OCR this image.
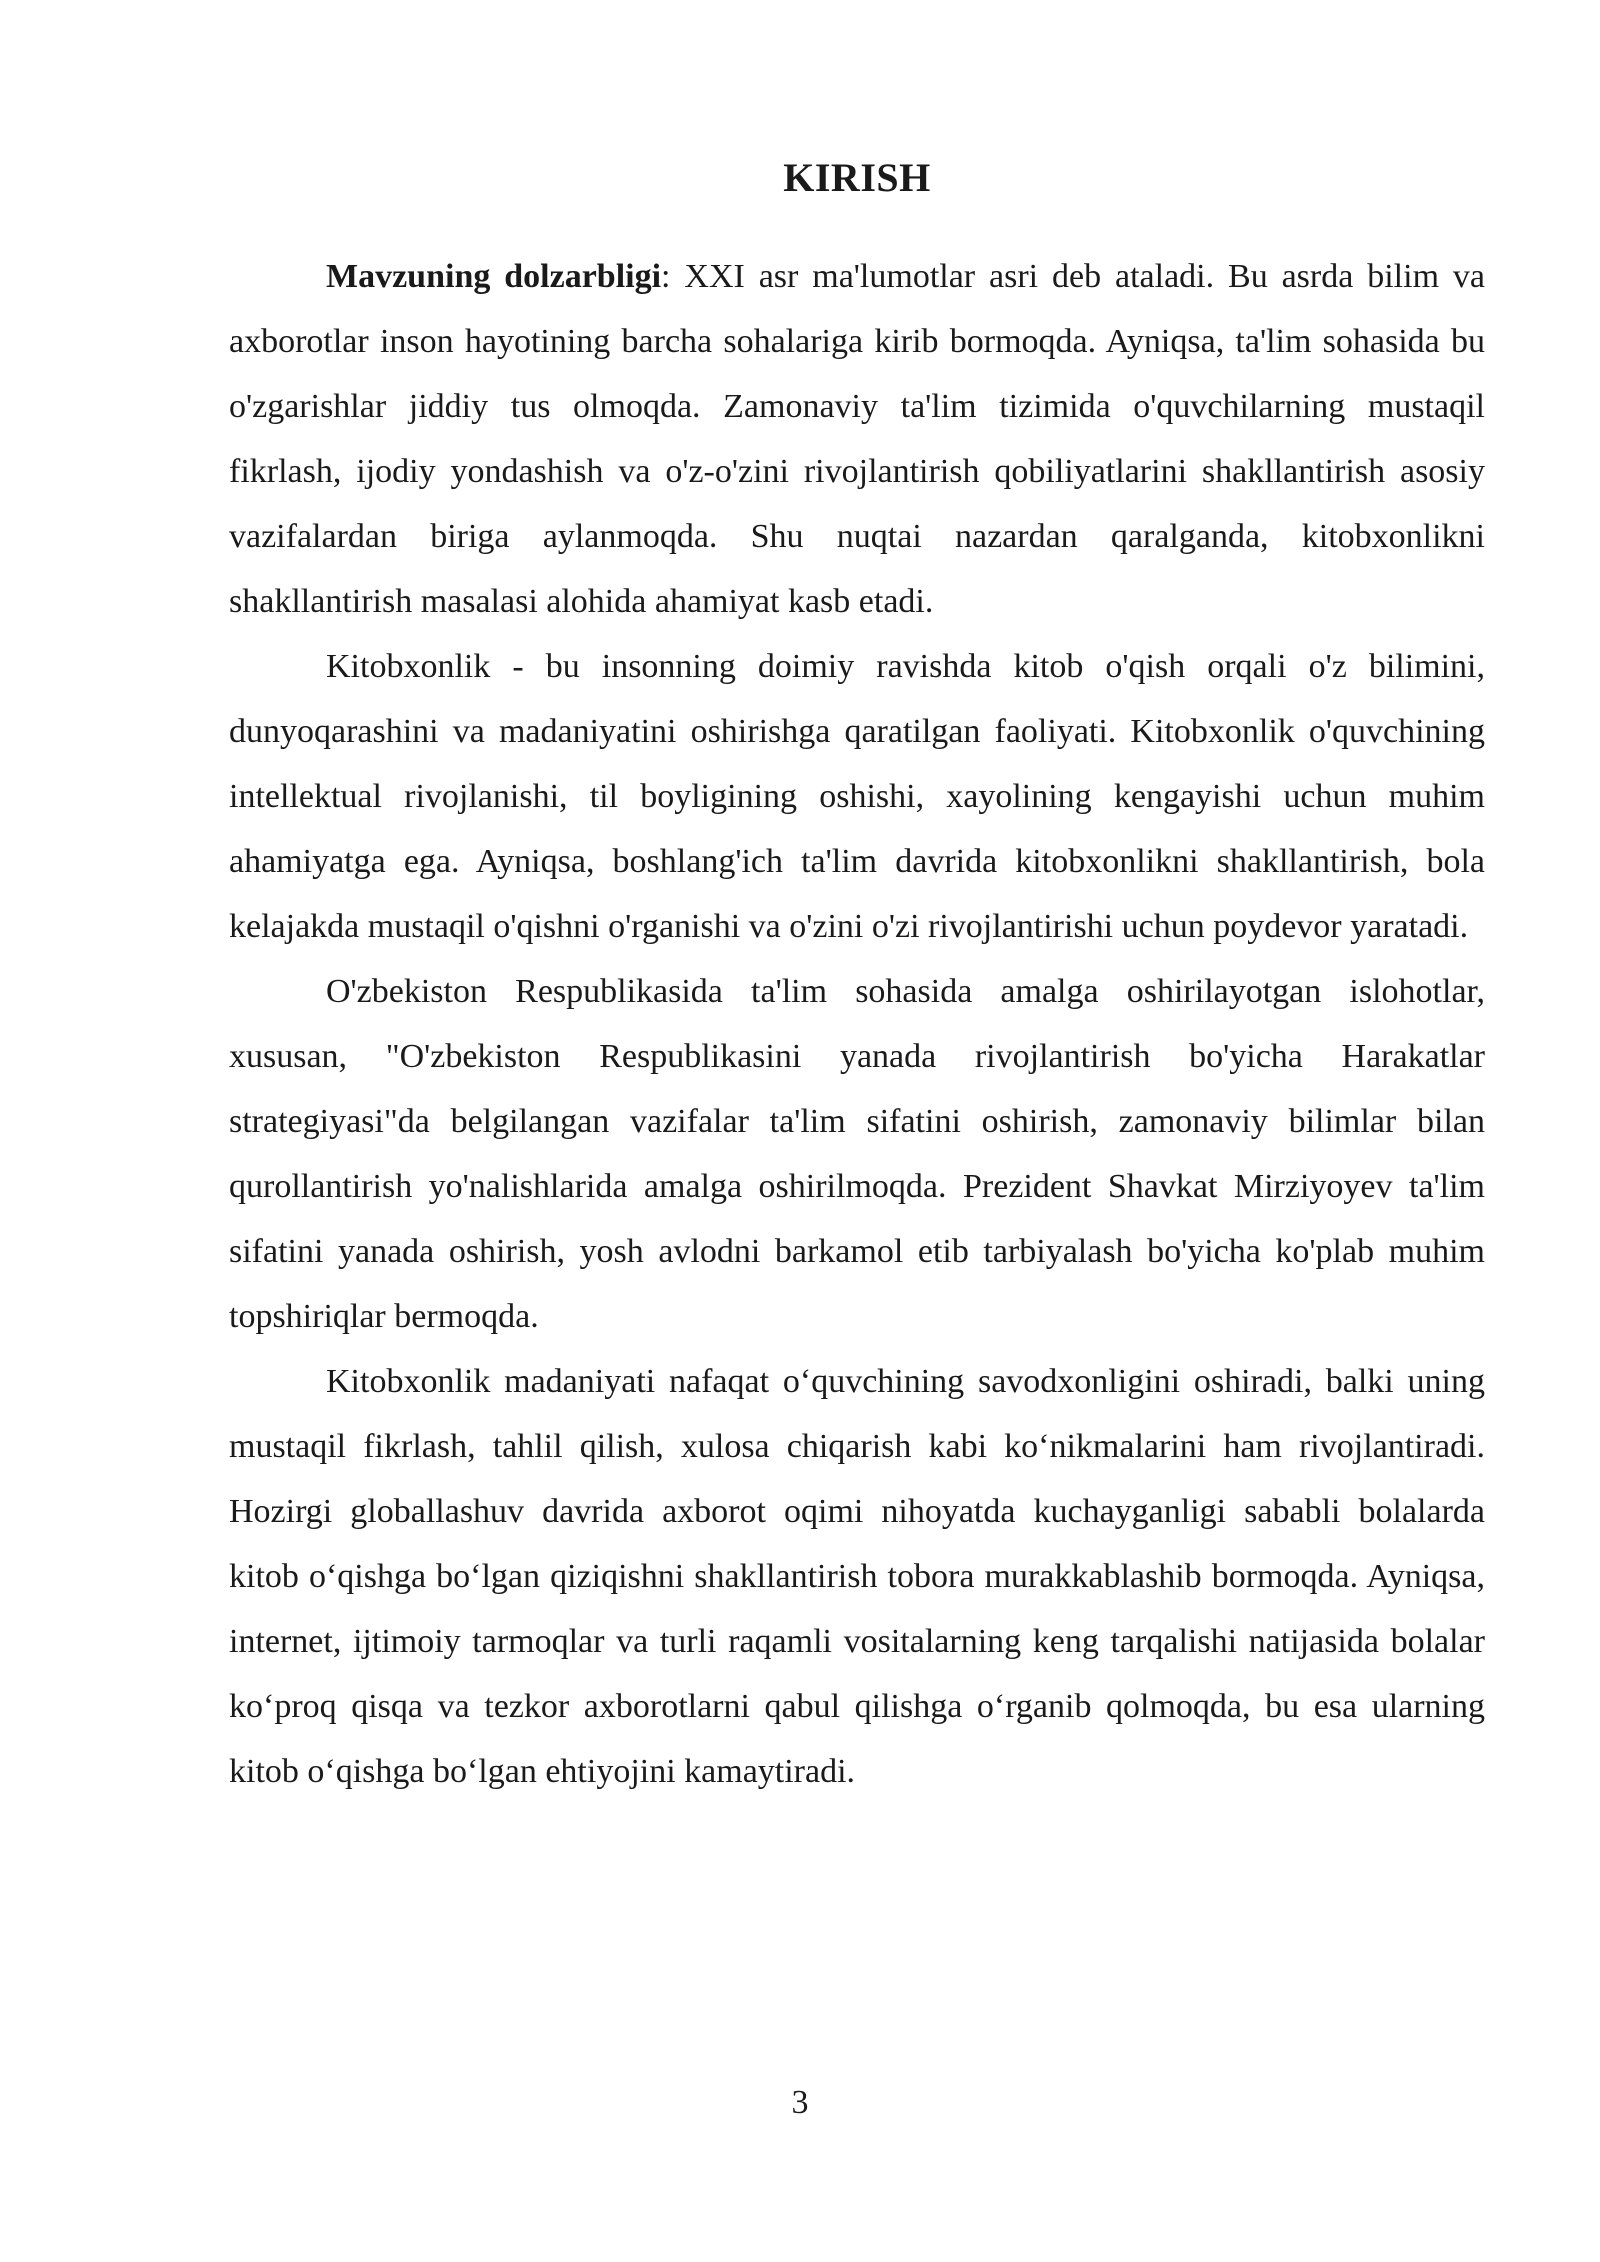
KIRISH

Mavzuning dolzarbligi: XXI asr ma'lumotlar asri deb ataladi. Bu asrda bilim va axborotlar inson hayotining barcha sohalariga kirib bormoqda. Ayniqsa, ta'lim sohasida bu o'zgarishlar jiddiy tus olmoqda. Zamonaviy ta'lim tizimida o'quvchilarning mustaqil fikrlash, ijodiy yondashish va o'z-o'zini rivojlantirish qobiliyatlarini shakllantirish asosiy vazifalardan biriga aylanmoqda. Shu nuqtai nazardan qaralganda, kitobxonlikni shakllantirish masalasi alohida ahamiyat kasb etadi.

Kitobxonlik - bu insonning doimiy ravishda kitob o'qish orqali o'z bilimini, dunyoqarashini va madaniyatini oshirishga qaratilgan faoliyati. Kitobxonlik o'quvchining intellektual rivojlanishi, til boyligining oshishi, xayolining kengayishi uchun muhim ahamiyatga ega. Ayniqsa, boshlang'ich ta'lim davrida kitobxonlikni shakllantirish, bola kelajakda mustaqil o'qishni o'rganishi va o'zini o'zi rivojlantirishi uchun poydevor yaratadi.

O'zbekiston Respublikasida ta'lim sohasida amalga oshirilayotgan islohotlar, xususan, "O'zbekiston Respublikasini yanada rivojlantirish bo'yicha Harakatlar strategiyasi"da belgilangan vazifalar ta'lim sifatini oshirish, zamonaviy bilimlar bilan qurollantirish yo'nalishlarida amalga oshirilmoqda. Prezident Shavkat Mirziyoyev ta'lim sifatini yanada oshirish, yosh avlodni barkamol etib tarbiyalash bo'yicha ko'plab muhim topshiriqlar bermoqda.

Kitobxonlik madaniyati nafaqat o‘quvchining savodxonligini oshiradi, balki uning mustaqil fikrlash, tahlil qilish, xulosa chiqarish kabi ko‘nikmalarini ham rivojlantiradi. Hozirgi globallashuv davrida axborot oqimi nihoyatda kuchayganligi sababli bolalarda kitob o‘qishga bo‘lgan qiziqishni shakllantirish tobora murakkablashib bormoqda. Ayniqsa, internet, ijtimoiy tarmoqlar va turli raqamli vositalarning keng tarqalishi natijasida bolalar ko‘proq qisqa va tezkor axborotlarni qabul qilishga o‘rganib qolmoqda, bu esa ularning kitob o‘qishga bo‘lgan ehtiyojini kamaytiradi.

3
